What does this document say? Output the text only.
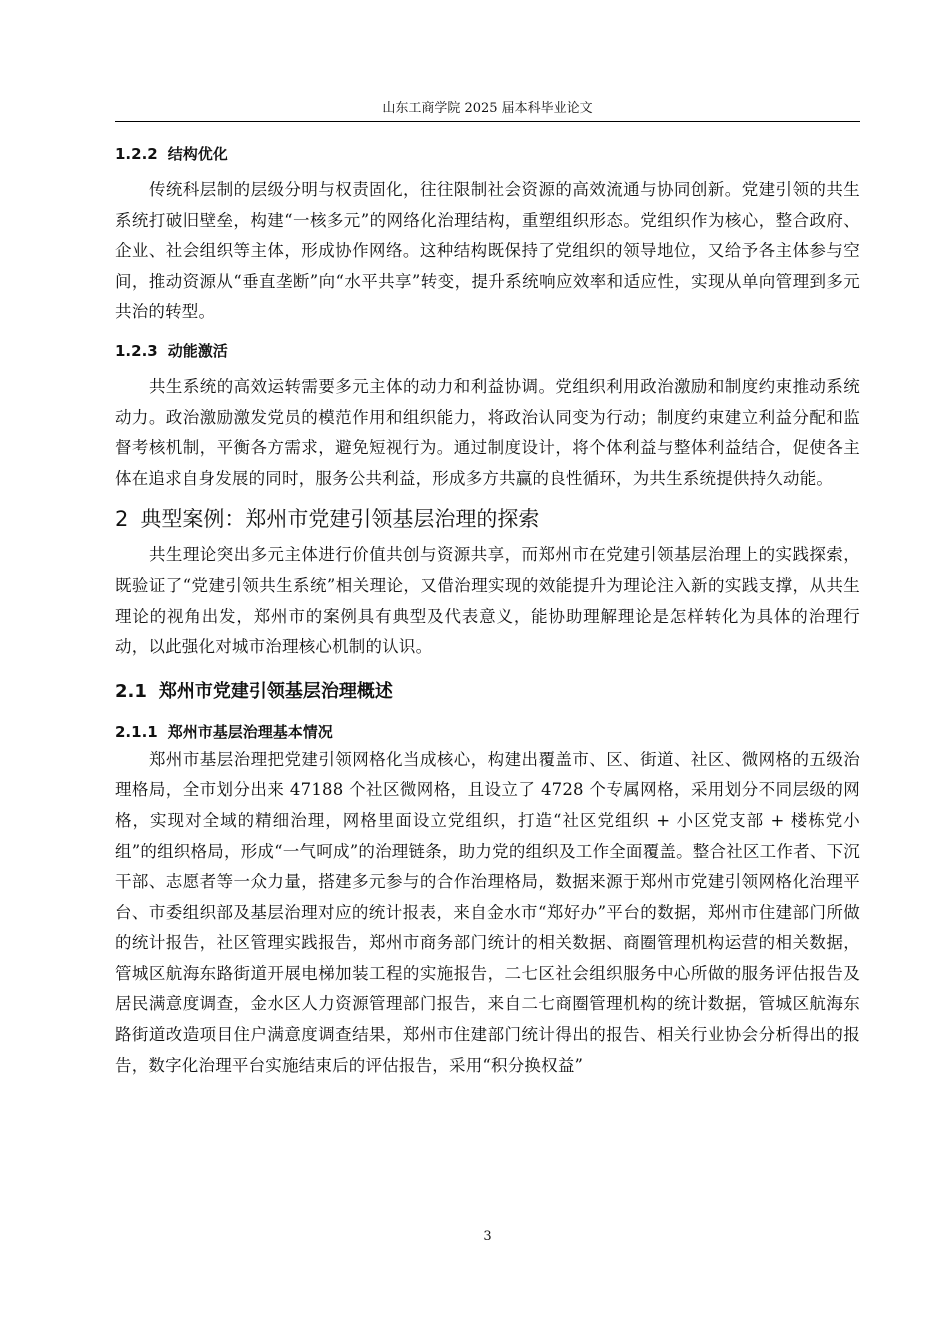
山东工商学院 2025 届本科毕业论文
1.2.2 结构优化

传统科层制的层级分明与权责固化，往往限制社会资源的高效流通与协同创新。党建引领的共生系统打破旧壁垒，构建“一核多元”的网络化治理结构，重塑组织形态。党组织作为核心，整合政府、企业、社会组织等主体，形成协作网络。这种结构既保持了党组织的领导地位，又给予各主体参与空间，推动资源从“垂直垄断”向“水平共享”转变，提升系统响应效率和适应性，实现从单向管理到多元共治的转型。

1.2.3 动能激活

共生系统的高效运转需要多元主体的动力和利益协调。党组织利用政治激励和制度约束推动系统动力。政治激励激发党员的模范作用和组织能力，将政治认同变为行动；制度约束建立利益分配和监督考核机制，平衡各方需求，避免短视行为。通过制度设计，将个体利益与整体利益结合，促使各主体在追求自身发展的同时，服务公共利益，形成多方共赢的良性循环，为共生系统提供持久动能。

2 典型案例：郑州市党建引领基层治理的探索

共生理论突出多元主体进行价值共创与资源共享，而郑州市在党建引领基层治理上的实践探索，既验证了“党建引领共生系统”相关理论，又借治理实现的效能提升为理论注入新的实践支撑，从共生理论的视角出发，郑州市的案例具有典型及代表意义，能协助理解理论是怎样转化为具体的治理行动，以此强化对城市治理核心机制的认识。

2.1 郑州市党建引领基层治理概述
2.1.1 郑州市基层治理基本情况

郑州市基层治理把党建引领网格化当成核心，构建出覆盖市、区、街道、社区、微网格的五级治理格局，全市划分出来 47188 个社区微网格，且设立了 4728 个专属网格，采用划分不同层级的网格，实现对全域的精细治理，网格里面设立党组织，打造“社区党组织 + 小区党支部 + 楼栋党小组”的组织格局，形成“一气呵成”的治理链条，助力党的组织及工作全面覆盖。整合社区工作者、下沉干部、志愿者等一众力量，搭建多元参与的合作治理格局，数据来源于郑州市党建引领网格化治理平台、市委组织部及基层治理对应的统计报表，来自金水市“郑好办”平台的数据，郑州市住建部门所做的统计报告，社区管理实践报告，郑州市商务部门统计的相关数据、商圈管理机构运营的相关数据，管城区航海东路街道开展电梯加装工程的实施报告，二七区社会组织服务中心所做的服务评估报告及居民满意度调查，金水区人力资源管理部门报告，来自二七商圈管理机构的统计数据，管城区航海东路街道改造项目住户满意度调查结果，郑州市住建部门统计得出的报告、相关行业协会分析得出的报告，数字化治理平台实施结束后的评估报告，采用“积分换权益”

3
